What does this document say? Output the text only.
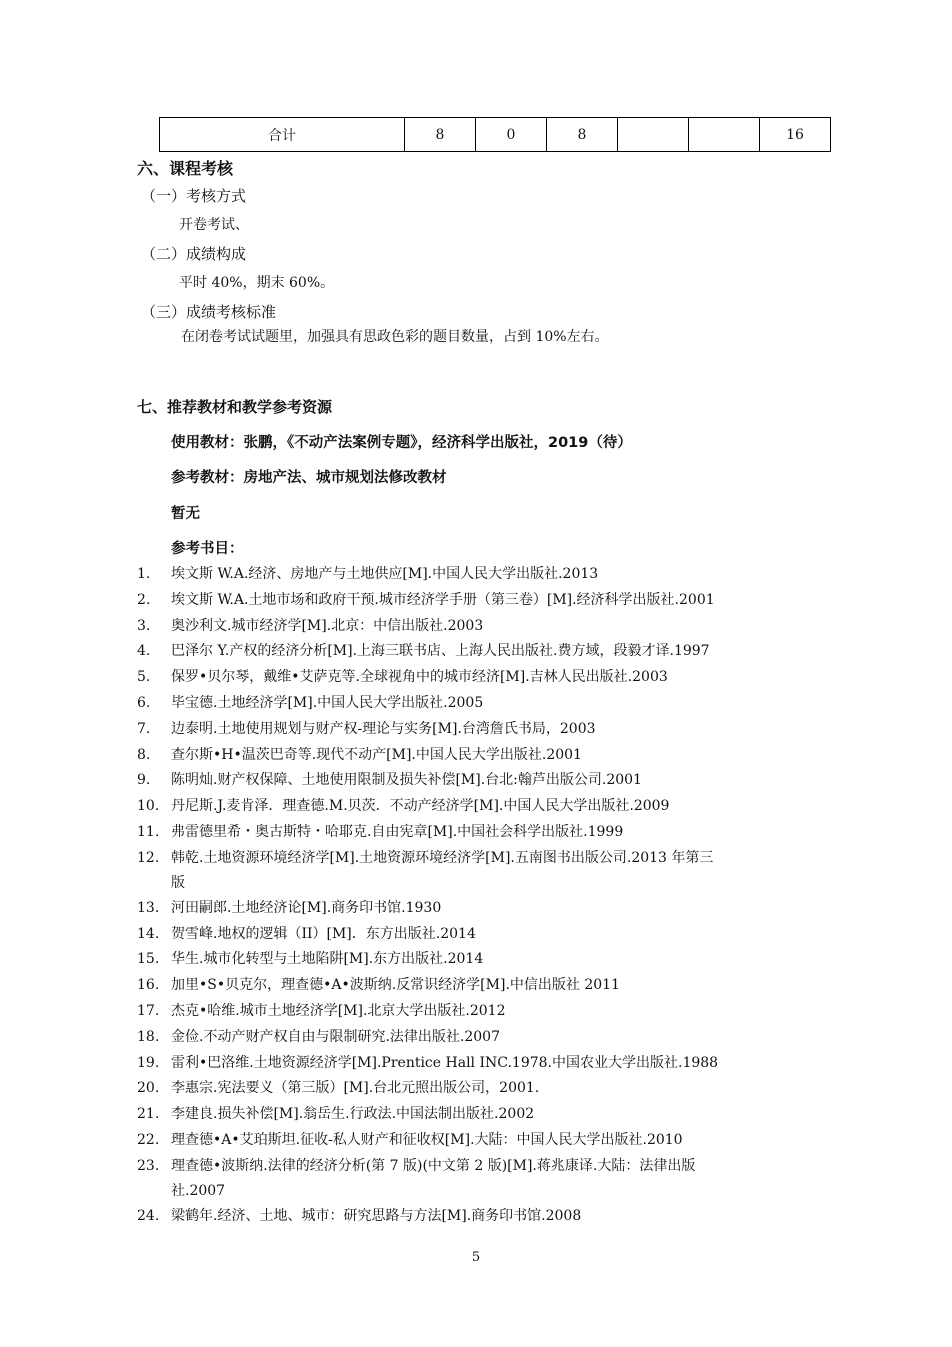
合计	8	0	8			16
六、课程考核
（一）考核方式
开卷考试、
（二）成绩构成
平时 40%，期末 60%。
（三）成绩考核标准
在闭卷考试试题里，加强具有思政色彩的题目数量，占到 10%左右。
七、推荐教材和教学参考资源
使用教材：张鹏，《不动产法案例专题》，经济科学出版社，2019（待）
参考教材：房地产法、城市规划法修改教材
暂无
参考书目：
1. 埃文斯 W.A.经济、房地产与土地供应[M].中国人民大学出版社.2013
2. 埃文斯 W.A.土地市场和政府干预.城市经济学手册（第三卷）[M].经济科学出版社.2001
3. 奥沙利文.城市经济学[M].北京：中信出版社.2003
4. 巴泽尔 Y.产权的经济分析[M].上海三联书店、上海人民出版社.费方域，段毅才译.1997
5. 保罗•贝尔琴，戴维•艾萨克等.全球视角中的城市经济[M].吉林人民出版社.2003
6. 毕宝德.土地经济学[M].中国人民大学出版社.2005
7. 边泰明.土地使用规划与财产权-理论与实务[M].台湾詹氏书局，2003
8. 查尔斯•H•温茨巴奇等.现代不动产[M].中国人民大学出版社.2001
9. 陈明灿.财产权保障、土地使用限制及损失补偿[M].台北:翰芦出版公司.2001
10. 丹尼斯.J.麦肯泽．理查德.M.贝茨．不动产经济学[M].中国人民大学出版社.2009
11. 弗雷德里希・奥古斯特・哈耶克.自由宪章[M].中国社会科学出版社.1999
12. 韩乾.土地资源环境经济学[M].土地资源环境经济学[M].五南图书出版公司.2013 年第三
版
13. 河田嗣郎.土地经济论[M].商务印书馆.1930
14. 贺雪峰.地权的逻辑（II）[M]．东方出版社.2014
15. 华生.城市化转型与土地陷阱[M].东方出版社.2014
16. 加里•S•贝克尔，理查德•A•波斯纳.反常识经济学[M].中信出版社 2011
17. 杰克•哈维.城市土地经济学[M].北京大学出版社.2012
18. 金俭.不动产财产权自由与限制研究.法律出版社.2007
19. 雷利•巴洛维.土地资源经济学[M].Prentice Hall INC.1978.中国农业大学出版社.1988
20. 李惠宗.宪法要义（第三版）[M].台北元照出版公司，2001.
21. 李建良.损失补偿[M].翁岳生.行政法.中国法制出版社.2002
22. 理查德•A•艾珀斯坦.征收-私人财产和征收权[M].大陆：中国人民大学出版社.2010
23. 理查德•波斯纳.法律的经济分析(第 7 版)(中文第 2 版)[M].蒋兆康译.大陆：法律出版
社.2007
24. 梁鹤年.经济、土地、城市：研究思路与方法[M].商务印书馆.2008
5
